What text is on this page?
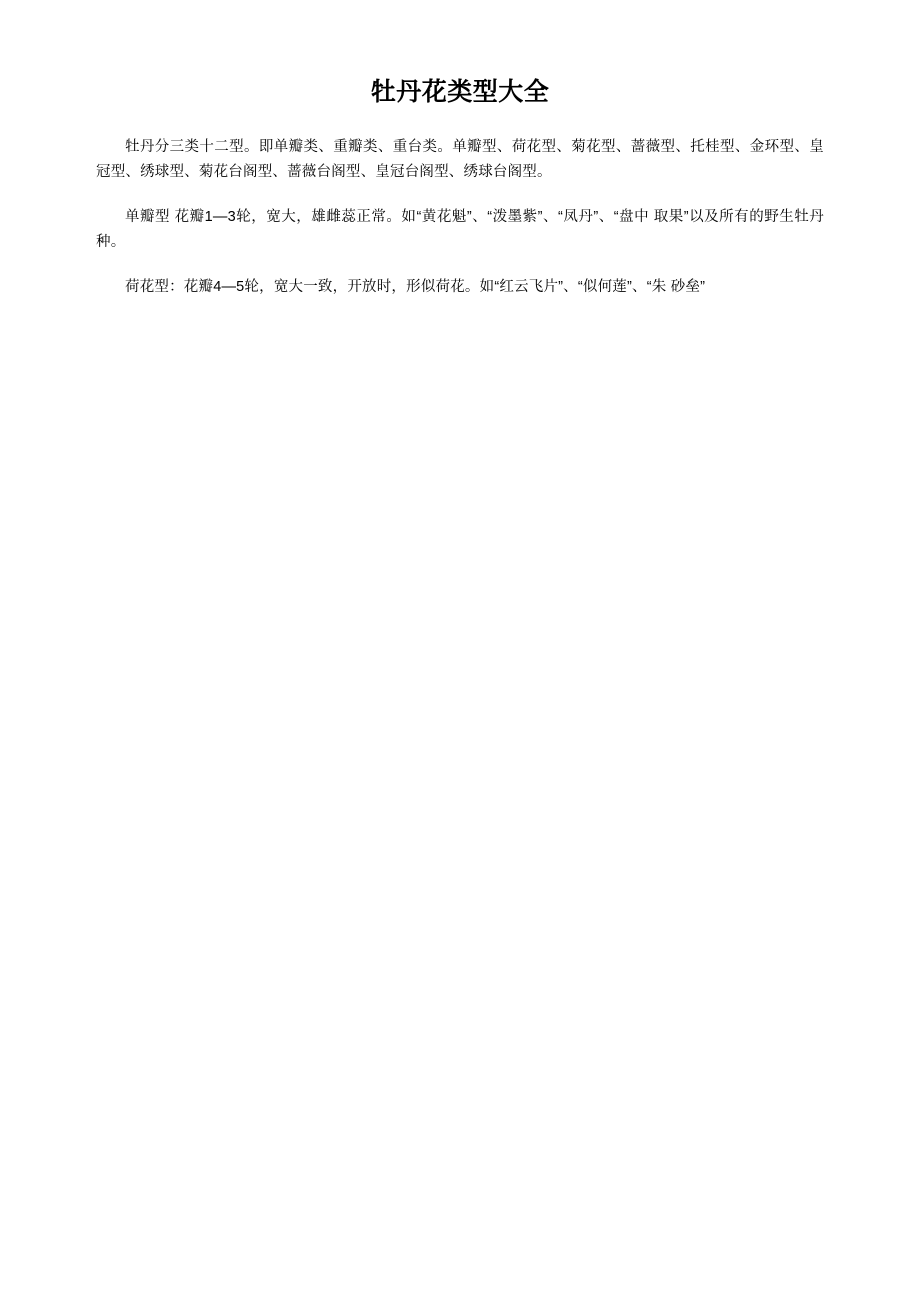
牡丹花类型大全

牡丹分三类十二型。即单瓣类、重瓣类、重台类。单瓣型、荷花型、菊花型、蔷薇型、托桂型、金环型、皇冠型、绣球型、菊花台阁型、蔷薇台阁型、皇冠台阁型、绣球台阁型。

单瓣型 花瓣1—3轮，宽大，雄雌蕊正常。如“黄花魁”、“泼墨紫”、“凤丹”、“盘中 取果”以及所有的野生牡丹种。

荷花型：花瓣4—5轮，宽大一致，开放时，形似荷花。如“红云飞片”、“似何莲”、“朱 砂垒”
